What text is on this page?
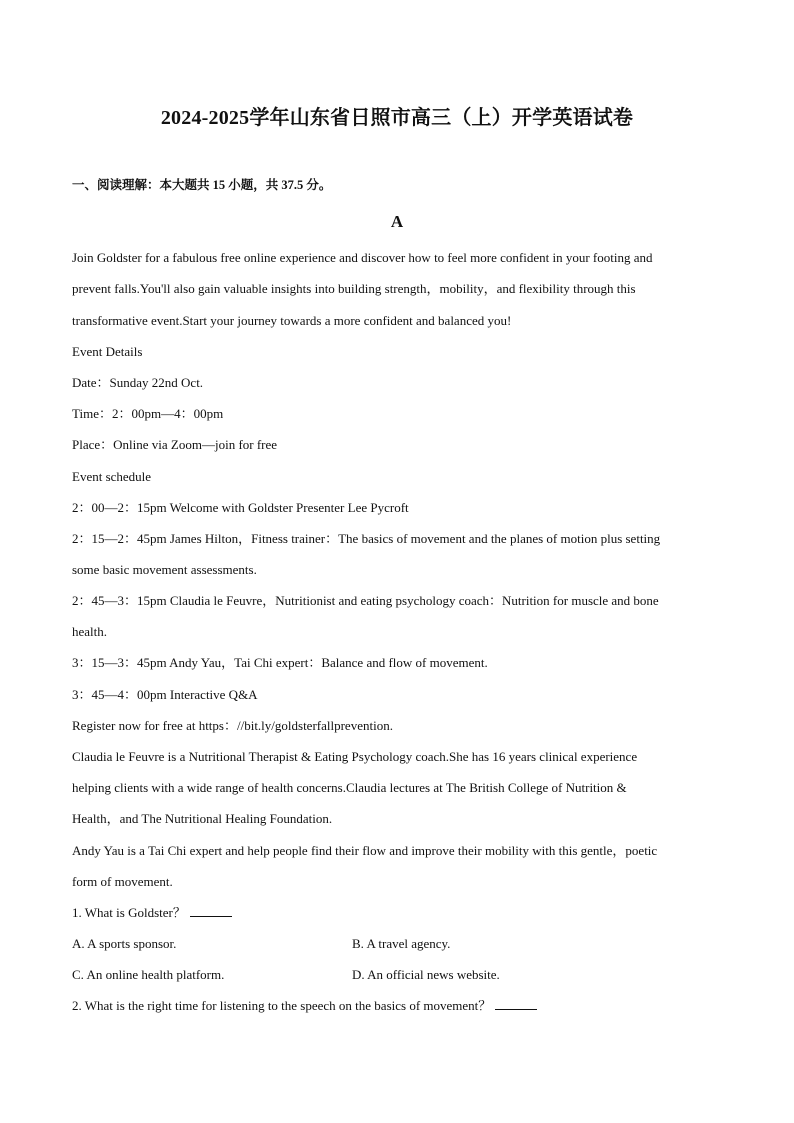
2024-2025学年山东省日照市高三（上）开学英语试卷
一、阅读理解：本大题共 15 小题，共 37.5 分。
A
Join Goldster for a fabulous free online experience and discover how to feel more confident in your footing and
prevent falls.You'll also gain valuable insights into building strength，mobility，and flexibility through this
transformative event.Start your journey towards a more confident and balanced you!
Event Details
Date：Sunday 22nd Oct.
Time：2：00pm—4：00pm
Place：Online via Zoom—join for free
Event schedule
2：00—2：15pm Welcome with Goldster Presenter Lee Pycroft
2：15—2：45pm James Hilton，Fitness trainer：The basics of movement and the planes of motion plus setting
some basic movement assessments.
2：45—3：15pm Claudia le Feuvre，Nutritionist and eating psychology coach：Nutrition for muscle and bone
health.
3：15—3：45pm Andy Yau，Tai Chi expert：Balance and flow of movement.
3：45—4：00pm Interactive Q&A
Register now for free at https：//bit.ly/goldsterfallprevention.
Claudia le Feuvre is a Nutritional Therapist & Eating Psychology coach.She has 16 years clinical experience
helping clients with a wide range of health concerns.Claudia lectures at The British College of Nutrition &
Health，and The Nutritional Healing Foundation.
Andy Yau is a Tai Chi expert and help people find their flow and improve their mobility with this gentle，poetic
form of movement.
1. What is Goldster？
A. A sports sponsor.	B. A travel agency.
C. An online health platform.	D. An official news website.
2. What is the right time for listening to the speech on the basics of movement？
